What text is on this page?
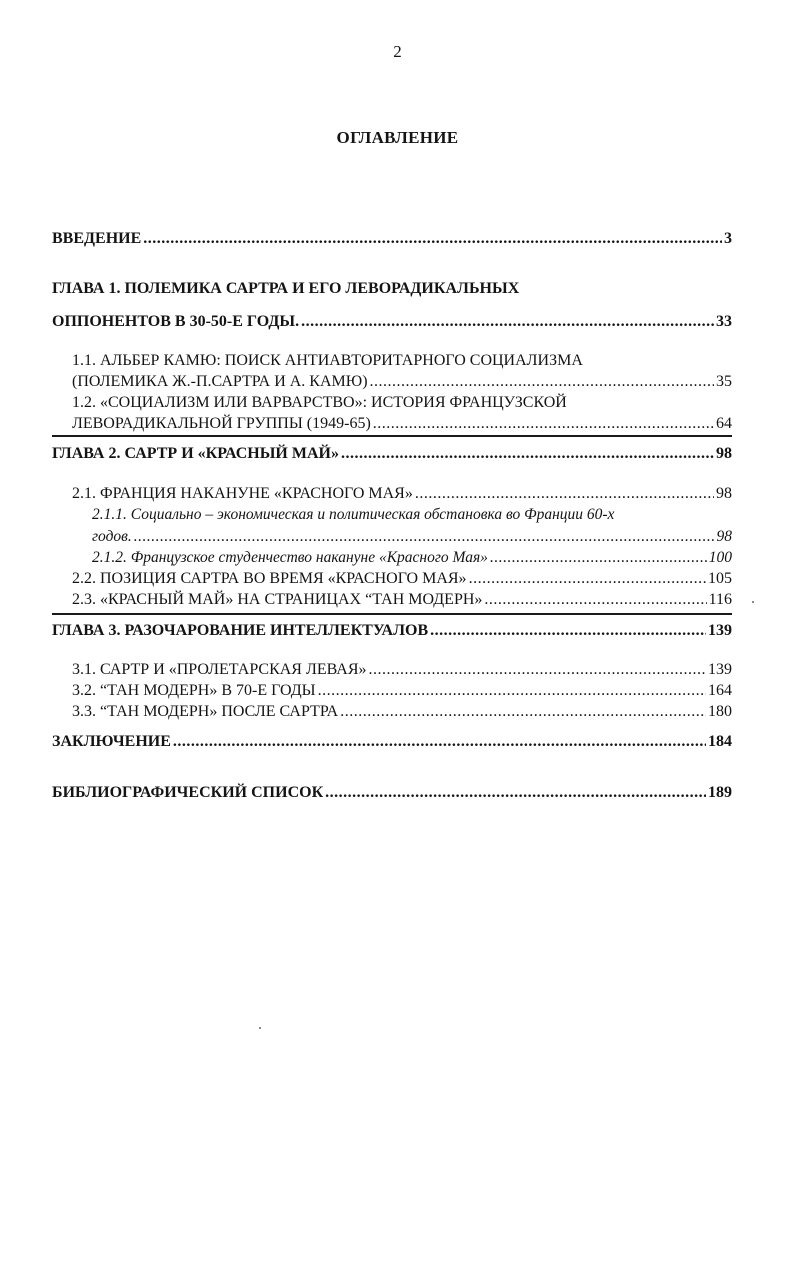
2
ОГЛАВЛЕНИЕ
ВВЕДЕНИЕ .....	3
ГЛАВА 1. ПОЛЕМИКА САРТРА И ЕГО ЛЕВОРАДИКАЛЬНЫХ
ОППОНЕНТОВ В 30-50-Е ГОДЫ. .....	33
1.1. АЛЬБЕР КАМЮ: ПОИСК АНТИАВТОРИТАРНОГО СОЦИАЛИЗМА
(ПОЛЕМИКА Ж.-П.САРТРА И А. КАМЮ) .....	35
1.2. «СОЦИАЛИЗМ ИЛИ ВАРВАРСТВО»: ИСТОРИЯ ФРАНЦУЗСКОЙ
ЛЕВОРАДИКАЛЬНОЙ ГРУППЫ (1949-65) .....	64
ГЛАВА 2. САРТР И «КРАСНЫЙ МАЙ» .....	98
2.1. ФРАНЦИЯ НАКАНУНЕ «КРАСНОГО МАЯ» .....	98
2.1.1. Социально – экономическая и политическая обстановка во Франции 60-х
годов. .....	98
2.1.2. Французское студенчество накануне «Красного Мая» .....	100
2.2. ПОЗИЦИЯ САРТРА ВО ВРЕМЯ «КРАСНОГО МАЯ» .....	105
2.3. «КРАСНЫЙ МАЙ» НА СТРАНИЦАХ “ТАН МОДЕРН» .....	116
ГЛАВА 3. РАЗОЧАРОВАНИЕ ИНТЕЛЛЕКТУАЛОВ .....	139
3.1. САРТР И «ПРОЛЕТАРСКАЯ ЛЕВАЯ» .....	139
3.2. “ТАН МОДЕРН» В 70-Е ГОДЫ .....	164
3.3. “ТАН МОДЕРН» ПОСЛЕ САРТРА .....	180
ЗАКЛЮЧЕНИЕ .....	184
БИБЛИОГРАФИЧЕСКИЙ СПИСОК .....	189
